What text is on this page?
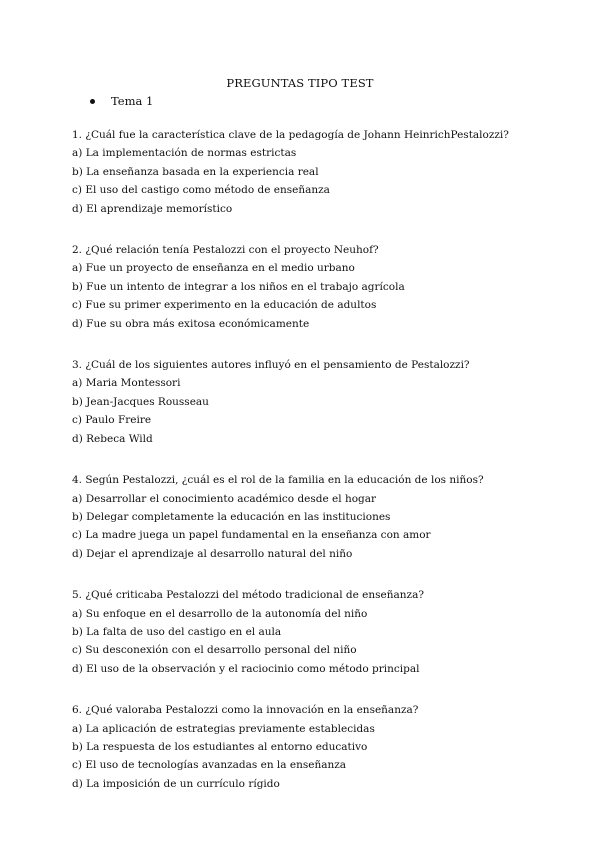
PREGUNTAS TIPO TEST
Tema 1
1. ¿Cuál fue la característica clave de la pedagogía de Johann HeinrichPestalozzi?
a) La implementación de normas estrictas
b) La enseñanza basada en la experiencia real
c) El uso del castigo como método de enseñanza
d) El aprendizaje memorístico
2. ¿Qué relación tenía Pestalozzi con el proyecto Neuhof?
a) Fue un proyecto de enseñanza en el medio urbano
b) Fue un intento de integrar a los niños en el trabajo agrícola
c) Fue su primer experimento en la educación de adultos
d) Fue su obra más exitosa económicamente
3. ¿Cuál de los siguientes autores influyó en el pensamiento de Pestalozzi?
a) Maria Montessori
b) Jean-Jacques Rousseau
c) Paulo Freire
d) Rebeca Wild
4. Según Pestalozzi, ¿cuál es el rol de la familia en la educación de los niños?
a) Desarrollar el conocimiento académico desde el hogar
b) Delegar completamente la educación en las instituciones
c) La madre juega un papel fundamental en la enseñanza con amor
d) Dejar el aprendizaje al desarrollo natural del niño
5. ¿Qué criticaba Pestalozzi del método tradicional de enseñanza?
a) Su enfoque en el desarrollo de la autonomía del niño
b) La falta de uso del castigo en el aula
c) Su desconexión con el desarrollo personal del niño
d) El uso de la observación y el raciocinio como método principal
6. ¿Qué valoraba Pestalozzi como la innovación en la enseñanza?
a) La aplicación de estrategias previamente establecidas
b) La respuesta de los estudiantes al entorno educativo
c) El uso de tecnologías avanzadas en la enseñanza
d) La imposición de un currículo rígido
